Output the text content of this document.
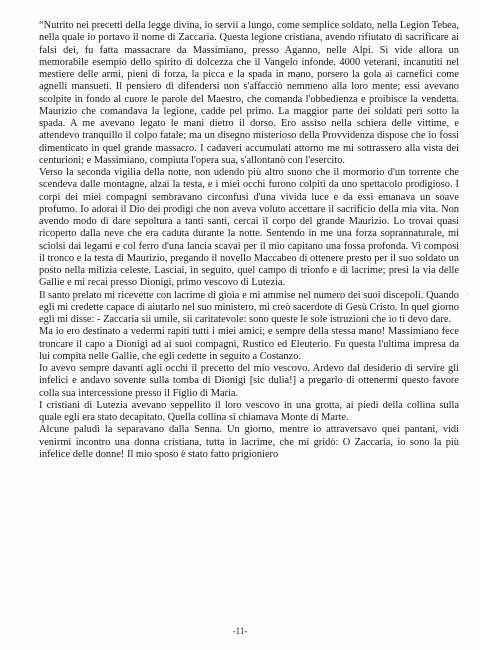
“Nutrito nei precetti della legge divina, io servii a lungo, come semplice soldato, nella Legion Tebea, nella quale io portavo il nome di Zaccaria. Questa legione cristiana, avendo rifiutato di sacrificare ai falsi dei, fu fatta massacrare da Massimiano, presso Aganno, nelle Alpi. Si vide allora un memorabile esempio dello spirito di dolcezza che il Vangelo infonde. 4000 veterani, incanutiti nel mestiere delle armi, pieni di forza, la picca e la spada in mano, porsero la gola ai carnefici come agnelli mansueti. Il pensiero di difendersi non s'affacciò nemmeno alla loro mente; essi avevano scolpite in fondo al cuore le parole del Maestro, che comanda l'obbedienza e proibisce la vendetta. Maurizio che comandava la legione, cadde pel primo. La maggior parte dei soldati perì sotto la spada. A me avevano legato le mani dietro il dorso. Ero assiso nella schiera delle vittime, e attendevo tranquillo il colpo fatale; ma un disegno misterioso della Provvidenza dispose che io fossi dimenticato in quel grande massacro. I cadaveri accumulati attorno me mi sottrassero alla vista dei centurioni; e Massimiano, compiuta l'opera sua, s'allontanò con l'esercito.

Verso la seconda vigilia della notte, non udendo più altro suono che il mormorio d'un torrente che scendeva dalle montagne, alzai la testa, e i miei occhi furono colpiti da uno spettacolo prodigioso. I corpi dei miei compagni sembravano circonfusi d'una vivida luce e da essi emanava un soave profumo. Io adorai il Dio dei prodigi che non aveva voluto accettare il sacrificio della mia vita. Non avendo modo di dare sepoltura a tanti santi, cercai il corpo del grande Maurizio. Lo trovai quasi ricoperto dalla neve che era caduta durante la notte. Sentendo in me una forza soprannaturale, mi sciolsi dai legami e col ferro d'una lancia scavai per il mio capitano una fossa profonda. Vi composi il tronco e la testa di Maurizio, pregando il novello Maccabeo di ottenere presto per il suo soldato un posto nella milizia celeste. Lasciai, in seguito, quel campo di trionfo e di lacrime; presi la via delle Gallie e mi recai presso Dionigi, primo vescovo di Lutezia.

Il santo prelato mi ricevette con lacrime di gioia e mi ammise nel numero dei suoi discepoli. Quando egli mi credette capace di aiutarlo nel suo ministero, mi creò sacerdote di Gesù Cristo. In quel giorno egli mi disse: - Zaccaria sii umile, sii caritatevole: sono queste le sole istruzioni che io ti devo dare.

Ma io ero destinato a vedermi rapiti tutti i miei amici; e sempre della stessa mano! Massimiano fece troncare il capo a Dionigi ad ai suoi compagni, Rustico ed Eleuterio. Fu questa l'ultima impresa da lui compita nelle Gallie, che egli cedette in seguito a Costanzo.

Io avevo sempre davanti agli occhi il precetto del mio vescovo. Ardevo dal desiderio di servire gli infelici e andavo sovente sulla tomba di Dionigi [sic dulia!] a pregarlo di ottenermi questo favore colla sua intercessione presso il Figlio di Maria.

I cristiani di Lutezia avevano seppellito il loro vescovo in una grotta, ai piedi della collina sulla quale egli era stato decapitato. Quella collina si chiamava Monte di Marte.

Alcune paludi la separavano dalla Senna. Un giorno, mentre io attraversavo quei pantani, vidi venirmi incontro una donna cristiana, tutta in lacrime, che mi gridò: O Zaccaria, io sono la più infelice delle donne! Il mio sposo è stato fatto prigioniero

·
-11-
